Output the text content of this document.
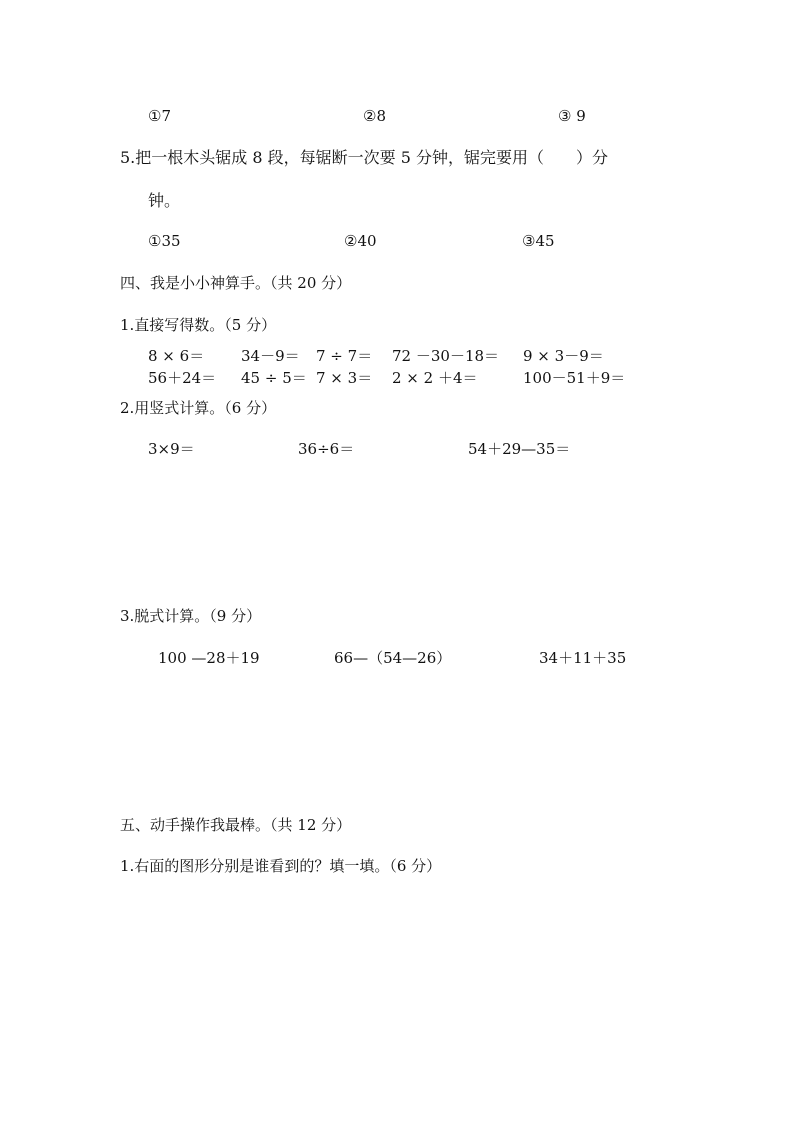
①7	②8	③ 9
5.把一根木头锯成 8 段，每锯断一次要 5 分钟，锯完要用（　　）分
钟。
①35	②40	③45
四、我是小小神算手。（共 20 分）
1.直接写得数。（5 分）
8 × 6＝ 34－9＝ 7 ÷ 7＝ 72 －30－18＝ 9 × 3－9＝
56＋24＝ 45 ÷ 5＝ 7 × 3＝ 2 × 2 ＋4＝	100－51＋9＝
2.用竖式计算。（6 分）
3×9＝	36÷6＝	54＋29—35＝
3.脱式计算。（9 分）
100 —28＋19	66—（54—26）	34＋11＋35
五、动手操作我最棒。（共 12 分）
1.右面的图形分别是谁看到的？填一填。（6 分）
